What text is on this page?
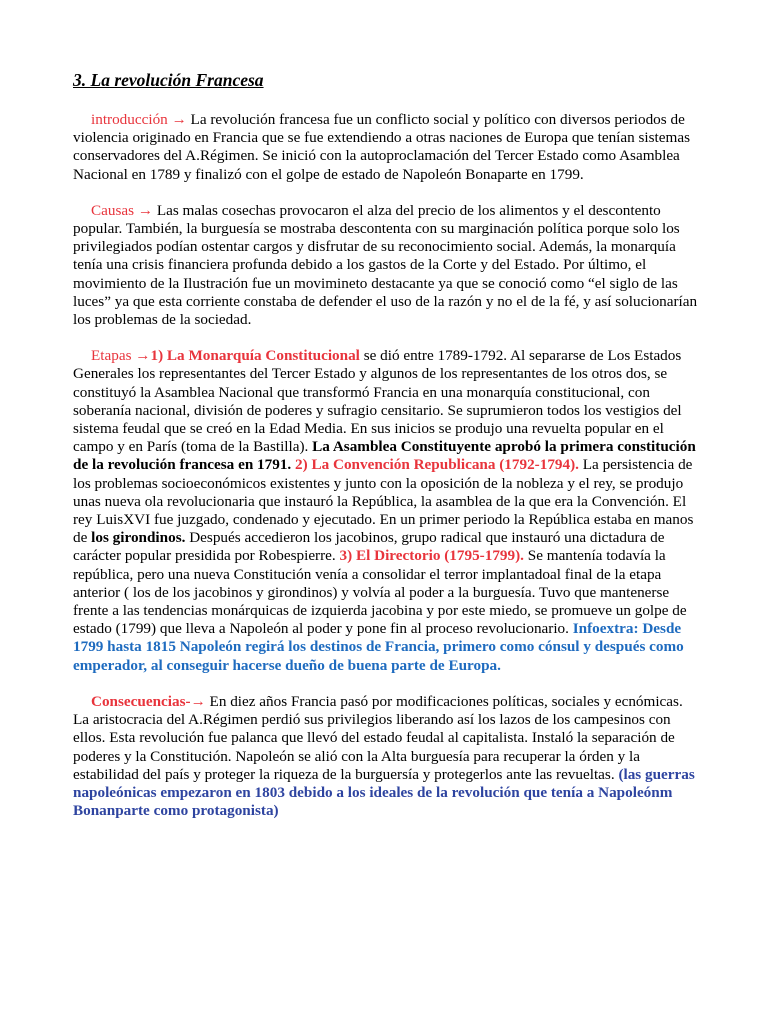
3. La revolución Francesa

introducción → La revolución francesa fue un conflicto social y político con diversos periodos de violencia originado en Francia que se fue extendiendo a otras naciones de Europa que tenían sistemas conservadores del A.Régimen. Se inició con la autoproclamación del Tercer Estado como Asamblea Nacional en 1789 y finalizó con el golpe de estado de Napoleón Bonaparte en 1799.

Causas → Las malas cosechas provocaron el alza del precio de los alimentos y el descontento popular. También, la burguesía se mostraba descontenta con su marginación política porque solo los privilegiados podían ostentar cargos y disfrutar de su reconocimiento social. Además, la monarquía tenía una crisis financiera profunda debido a los gastos de la Corte y del Estado. Por último, el movimiento de la Ilustración fue un movimineto destacante ya que se conoció como “el siglo de las luces” ya que esta corriente constaba de defender el uso de la razón y no el de la fé, y así solucionarían los problemas de la sociedad.

Etapas →1) La Monarquía Constitucional se dió entre 1789-1792. Al separarse de Los Estados Generales los representantes del Tercer Estado y algunos de los representantes de los otros dos, se constituyó la Asamblea Nacional que transformó Francia en una monarquía constitucional, con soberanía nacional, división de poderes y sufragio censitario. Se suprumieron todos los vestigios del sistema feudal que se creó en la Edad Media. En sus inicios se produjo una revuelta popular en el campo y en París (toma de la Bastilla). La Asamblea Constituyente aprobó la primera constitución de la revolución francesa en 1791. 2) La Convención Republicana (1792-1794). La persistencia de los problemas socioeconómicos existentes y junto con la oposición de la nobleza y el rey, se produjo unas nueva ola revolucionaria que instauró la República, la asamblea de la que era la Convención. El rey LuisXVI fue juzgado, condenado y ejecutado. En un primer periodo la República estaba en manos de los girondinos. Después accedieron los jacobinos, grupo radical que instauró una dictadura de carácter popular presidida por Robespierre. 3) El Directorio (1795-1799). Se mantenía todavía la república, pero una nueva Constitución venía a consolidar el terror implantadoal final de la etapa anterior ( los de los jacobinos y girondinos) y volvía al poder a la burguesía. Tuvo que mantenerse frente a las tendencias monárquicas de izquierda jacobina y por este miedo, se promueve un golpe de estado (1799) que lleva a Napoleón al poder y pone fin al proceso revolucionario. Infoextra: Desde 1799 hasta 1815 Napoleón regirá los destinos de Francia, primero como cónsul y después como emperador, al conseguir hacerse dueño de buena parte de Europa.

Consecuencias-→ En diez años Francia pasó por modificaciones políticas, sociales y ecnómicas. La aristocracia del A.Régimen perdió sus privilegios liberando así los lazos de los campesinos con ellos. Esta revolución fue palanca que llevó del estado feudal al capitalista. Instaló la separación de poderes y la Constitución. Napoleón se alió con la Alta burguesía para recuperar la órden y la estabilidad del país y proteger la riqueza de la burguersía y protegerlos ante las revueltas. (las guerras napoleónicas empezaron en 1803 debido a los ideales de la revolución que tenía a Napoleónm Bonanparte como protagonista)
